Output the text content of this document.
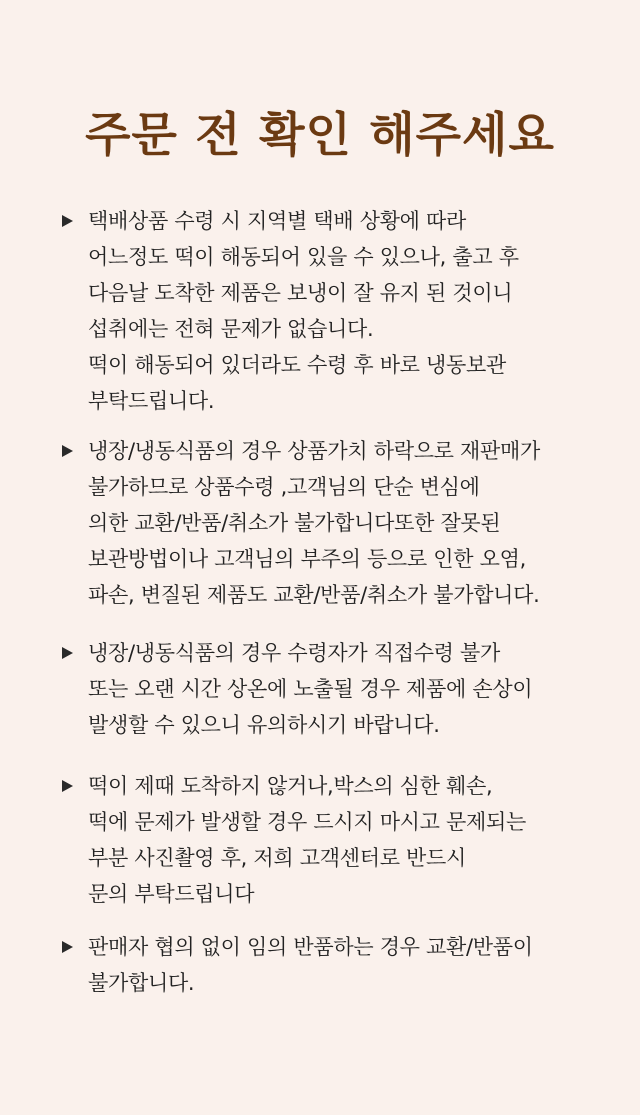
주문 전 확인 해주세요
택배상품 수령 시 지역별 택배 상황에 따라
어느정도 떡이 해동되어 있을 수 있으나, 출고 후
다음날 도착한 제품은 보냉이 잘 유지 된 것이니
섭취에는 전혀 문제가 없습니다.
떡이 해동되어 있더라도 수령 후 바로 냉동보관
부탁드립니다.
냉장/냉동식품의 경우 상품가치 하락으로 재판매가
불가하므로 상품수령 ,고객님의 단순 변심에
의한 교환/반품/취소가 불가합니다또한 잘못된
보관방법이나 고객님의 부주의 등으로 인한 오염,
파손, 변질된 제품도 교환/반품/취소가 불가합니다.
냉장/냉동식품의 경우 수령자가 직접수령 불가
또는 오랜 시간 상온에 노출될 경우 제품에 손상이
발생할 수 있으니 유의하시기 바랍니다.
떡이 제때 도착하지 않거나,박스의 심한 훼손,
떡에 문제가 발생할 경우 드시지 마시고 문제되는
부분 사진촬영 후, 저희 고객센터로 반드시
문의 부탁드립니다
판매자 협의 없이 임의 반품하는 경우 교환/반품이
불가합니다.
